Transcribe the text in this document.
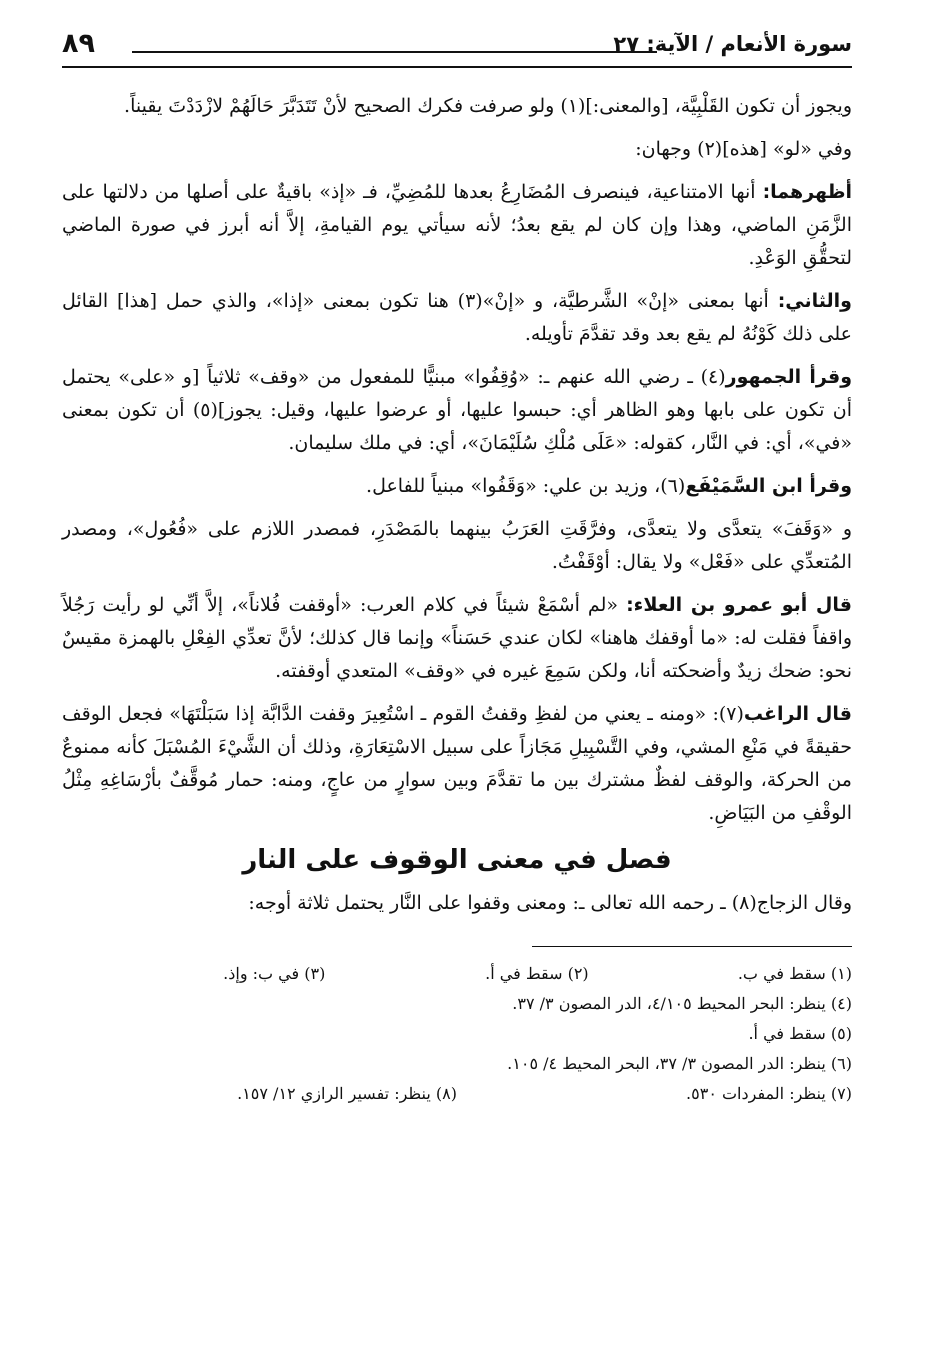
سورة الأنعام / الآية: ٢٧
٨٩

ويجوز أن تكون القَلْبِيَّة، [والمعنى:](١) ولو صرفت فكرك الصحيح لأنْ تَتَدَبَّرَ حَالَهُمْ لازْدَدْتَ يقيناً.

وفي «لو» [هذه](٢) وجهان:

أظهرهما: أنها الامتناعية، فينصرف المُضَارِعُ بعدها للمُضِيِّ، فـ «إذ» باقيةٌ على أصلها من دلالتها على الزَّمَنِ الماضي، وهذا وإن كان لم يقع بعدُ؛ لأنه سيأتي يوم القيامةِ، إلاَّ أنه أبرز في صورة الماضي لتحقُّقِ الوَعْدِ.

والثاني: أنها بمعنى «إنْ» الشَّرطيَّة، و «إنْ»(٣) هنا تكون بمعنى «إذا»، والذي حمل [هذا] القائل على ذلك كَوْنُهُ لم يقع بعد وقد تقدَّمَ تأويله.

وقرأ الجمهور(٤) ـ رضي الله عنهم ـ: «وُقِفُوا» مبنيًّا للمفعول من «وقف» ثلاثياً [و «على» يحتمل أن تكون على بابها وهو الظاهر أي: حبسوا عليها، أو عرضوا عليها، وقيل: يجوز](٥) أن تكون بمعنى «في»، أي: في النَّار، كقوله: «عَلَى مُلْكِ سُلَيْمَانَ»، أي: في ملك سليمان.

وقرأ ابن السَّمَيْفَع(٦)، وزيد بن علي: «وَقَفُوا» مبنياً للفاعل.

و «وَقَفَ» يتعدَّى ولا يتعدَّى، وفرَّقَتِ العَرَبُ بينهما بالمَصْدَرِ، فمصدر اللازم على «فُعُول»، ومصدر المُتعدِّي على «فَعْل» ولا يقال: أوْقَفْتُ.

قال أبو عمرو بن العلاء: «لم أسْمَعْ شيئاً في كلام العرب: «أوقفت فُلاناً»، إلاَّ أنِّي لو رأيت رَجُلاً واقفاً فقلت له: «ما أوقفك هاهنا» لكان عندي حَسَناً» وإنما قال كذلك؛ لأنَّ تعدِّي الفِعْلِ بالهمزة مقيسٌ نحو: ضحك زيدٌ وأضحكته أنا، ولكن سَمِعَ غيره في «وقف» المتعدي أوقفته.

قال الراغب(٧): «ومنه ـ يعني من لفظِ وقفتُ القوم ـ اسْتُعِيرَ وقفت الدَّابَّة إذا سَبَلْتَهَا» فجعل الوقف حقيقةً في مَنْعِ المشي، وفي التَّسْبِيلِ مَجَازاً على سبيل الاسْتِعَارَةِ، وذلك أن الشَّيْءَ المُسْبَلَ كأنه ممنوعٌ من الحركة، والوقف لفظٌ مشترك بين ما تقدَّمَ وبين سوارٍ من عاجٍ، ومنه: حمار مُوقَّفٌ بأرْسَاغِهِ مِثْلُ الوقْفِ من البَيَاضِ.

فصل في معنى الوقوف على النار

وقال الزجاج(٨) ـ رحمه الله تعالى ـ: ومعنى وقفوا على النَّار يحتمل ثلاثة أوجه:

(١) سقط في ب.
(٢) سقط في أ.
(٣) في ب: وإذ.
(٤) ينظر: البحر المحيط ٤/١٠٥، الدر المصون ٣/ ٣٧.
(٥) سقط في أ.
(٦) ينظر: الدر المصون ٣/ ٣٧، البحر المحيط ٤/ ١٠٥.
(٧) ينظر: المفردات ٥٣٠.
(٨) ينظر: تفسير الرازي ١٢/ ١٥٧.
